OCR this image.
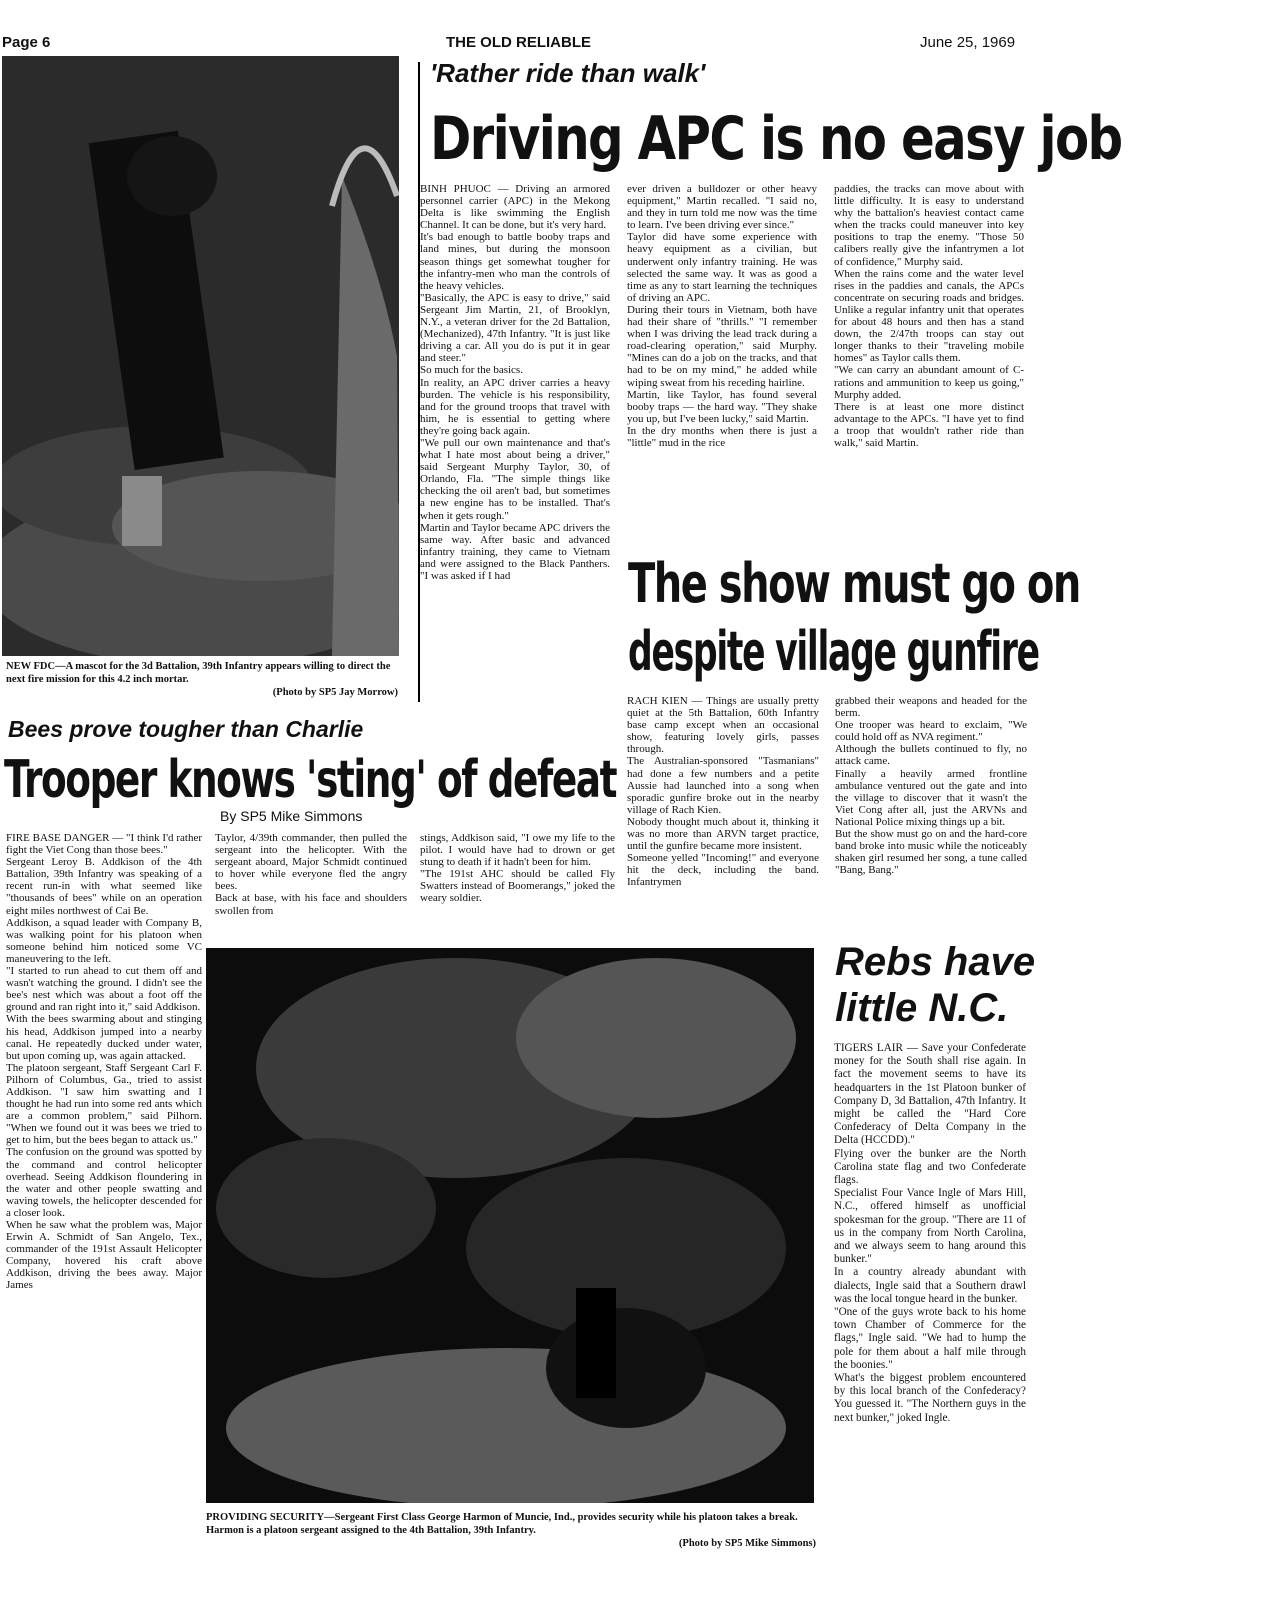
Page 6	THE OLD RELIABLE	June 25, 1969
NEW FDC—A mascot for the 3d Battalion, 39th Infantry appears willing to direct the next fire mission for this 4.2 inch mortar.

(Photo by SP5 Jay Morrow)
'Rather ride than walk'
Driving APC is no easy job
BINH PHUOC — Driving an armored personnel carrier (APC) in the Mekong Delta is like swimming the English Channel. It can be done, but it's very hard.
It's bad enough to battle booby traps and land mines, but during the monsoon season things get somewhat tougher for the infantry-men who man the controls of the heavy vehicles.
"Basically, the APC is easy to drive," said Sergeant Jim Martin, 21, of Brooklyn, N.Y., a veteran driver for the 2d Battalion, (Mechanized), 47th Infantry. "It is just like driving a car. All you do is put it in gear and steer."
So much for the basics.
In reality, an APC driver carries a heavy burden. The vehicle is his responsibility, and for the ground troops that travel with him, he is essential to getting where they're going back again.
"We pull our own maintenance and that's what I hate most about being a driver," said Sergeant Murphy Taylor, 30, of Orlando, Fla. "The simple things like checking the oil aren't bad, but sometimes a new engine has to be installed. That's when it gets rough."
Martin and Taylor became APC drivers the same way. After basic and advanced infantry training, they came to Vietnam and were assigned to the Black Panthers. "I was asked if I had
ever driven a bulldozer or other heavy equipment," Martin recalled. "I said no, and they in turn told me now was the time to learn. I've been driving ever since."
Taylor did have some experience with heavy equipment as a civilian, but underwent only infantry training. He was selected the same way. It was as good a time as any to start learning the techniques of driving an APC.
During their tours in Vietnam, both have had their share of "thrills." "I remember when I was driving the lead track during a road-clearing operation," said Murphy. "Mines can do a job on the tracks, and that had to be on my mind," he added while wiping sweat from his receding hairline.
Martin, like Taylor, has found several booby traps — the hard way. "They shake you up, but I've been lucky," said Martin.
In the dry months when there is just a "little" mud in the rice
paddies, the tracks can move about with little difficulty. It is easy to understand why the battalion's heaviest contact came when the tracks could maneuver into key positions to trap the enemy. "Those 50 calibers really give the infantrymen a lot of confidence," Murphy said.
When the rains come and the water level rises in the paddies and canals, the APCs concentrate on securing roads and bridges. Unlike a regular infantry unit that operates for about 48 hours and then has a stand down, the 2/47th troops can stay out longer thanks to their "traveling mobile homes" as Taylor calls them.
"We can carry an abundant amount of C-rations and ammunition to keep us going," Murphy added.
There is at least one more distinct advantage to the APCs. "I have yet to find a troop that wouldn't rather ride than walk," said Martin.
The show must go on
despite village gunfire
RACH KIEN — Things are usually pretty quiet at the 5th Battalion, 60th Infantry base camp except when an occasional show, featuring lovely girls, passes through.
The Australian-sponsored "Tasmanians" had done a few numbers and a petite Aussie had launched into a song when sporadic gunfire broke out in the nearby village of Rach Kien.
Nobody thought much about it, thinking it was no more than ARVN target practice, until the gunfire became more insistent.
Someone yelled "Incoming!" and everyone hit the deck, including the band. Infantrymen
grabbed their weapons and headed for the berm.
One trooper was heard to exclaim, "We could hold off as NVA regiment."
Although the bullets continued to fly, no attack came.
Finally a heavily armed frontline ambulance ventured out the gate and into the village to discover that it wasn't the Viet Cong after all, just the ARVNs and National Police mixing things up a bit.
But the show must go on and the hard-core band broke into music while the noticeably shaken girl resumed her song, a tune called "Bang, Bang."
Bees prove tougher than Charlie
Trooper knows 'sting' of defeat
By SP5 Mike Simmons
FIRE BASE DANGER — "I think I'd rather fight the Viet Cong than those bees."
Sergeant Leroy B. Addkison of the 4th Battalion, 39th Infantry was speaking of a recent run-in with what seemed like "thousands of bees" while on an operation eight miles northwest of Cai Be.
Addkison, a squad leader with Company B, was walking point for his platoon when someone behind him noticed some VC maneuvering to the left.
"I started to run ahead to cut them off and wasn't watching the ground. I didn't see the bee's nest which was about a foot off the ground and ran right into it," said Addkison.
With the bees swarming about and stinging his head, Addkison jumped into a nearby canal. He repeatedly ducked under water, but upon coming up, was again attacked.
The platoon sergeant, Staff Sergeant Carl F. Pilhorn of Columbus, Ga., tried to assist Addkison. "I saw him swatting and I thought he had run into some red ants which are a common problem," said Pilhorn. "When we found out it was bees we tried to get to him, but the bees began to attack us."
The confusion on the ground was spotted by the command and control helicopter overhead. Seeing Addkison floundering in the water and other people swatting and waving towels, the helicopter descended for a closer look.
When he saw what the problem was, Major Erwin A. Schmidt of San Angelo, Tex., commander of the 191st Assault Helicopter Company, hovered his craft above Addkison, driving the bees away. Major James
Taylor, 4/39th commander, then pulled the sergeant into the helicopter. With the sergeant aboard, Major Schmidt continued to hover while everyone fled the angry bees.
Back at base, with his face and shoulders swollen from
stings, Addkison said, "I owe my life to the pilot. I would have had to drown or get stung to death if it hadn't been for him.
"The 191st AHC should be called Fly Swatters instead of Boomerangs," joked the weary soldier.
PROVIDING SECURITY—Sergeant First Class George Harmon of Muncie, Ind., provides security while his platoon takes a break. Harmon is a platoon sergeant assigned to the 4th Battalion, 39th Infantry.
(Photo by SP5 Mike Simmons)
Rebs have
little N.C.
TIGERS LAIR — Save your Confederate money for the South shall rise again. In fact the movement seems to have its headquarters in the 1st Platoon bunker of Company D, 3d Battalion, 47th Infantry. It might be called the "Hard Core Confederacy of Delta Company in the Delta (HCCDD)."
Flying over the bunker are the North Carolina state flag and two Confederate flags.
Specialist Four Vance Ingle of Mars Hill, N.C., offered himself as unofficial spokesman for the group. "There are 11 of us in the company from North Carolina, and we always seem to hang around this bunker."
In a country already abundant with dialects, Ingle said that a Southern drawl was the local tongue heard in the bunker.
"One of the guys wrote back to his home town Chamber of Commerce for the flags," Ingle said. "We had to hump the pole for them about a half mile through the boonies."
What's the biggest problem encountered by this local branch of the Confederacy? You guessed it. "The Northern guys in the next bunker," joked Ingle.
